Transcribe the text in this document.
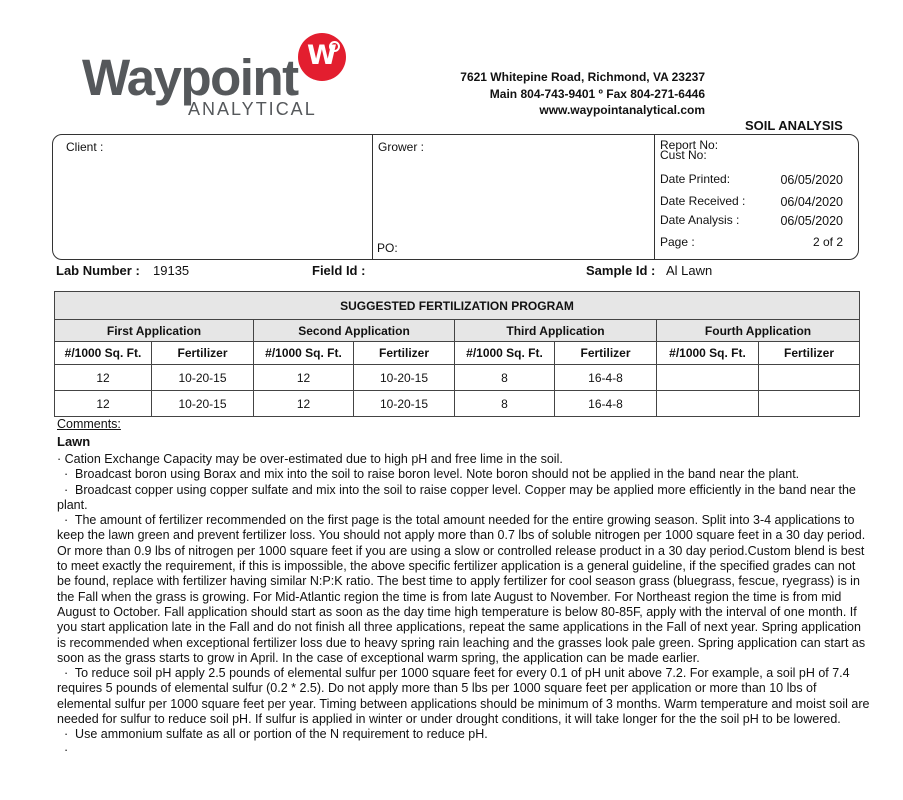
Waypoint
ANALYTICAL
W
7621 Whitepine Road, Richmond, VA 23237
Main 804-743-9401 º Fax 804-271-6446
www.waypointanalytical.com
SOIL ANALYSIS
Client :	Grower :
PO:
Report No:
Cust No:
Date Printed:	06/05/2020
Date Received :	06/04/2020
Date Analysis :	06/05/2020
Page :	2 of 2
Lab Number : 19135	Field Id :	Sample Id : Al Lawn
SUGGESTED FERTILIZATION PROGRAM							
First Application		Second Application		Third Application		Fourth Application	
#/1000 Sq. Ft.	Fertilizer	#/1000 Sq. Ft.	Fertilizer	#/1000 Sq. Ft.	Fertilizer	#/1000 Sq. Ft.	Fertilizer
12	10-20-15	12	10-20-15	8	16-4-8		
12	10-20-15	12	10-20-15	8	16-4-8		
Comments:
Lawn

· Cation Exchange Capacity may be over-estimated due to high pH and free lime in the soil.

·  Broadcast boron using Borax and mix into the soil to raise boron level. Note boron should not be applied in the band near the plant.

·  Broadcast copper using copper sulfate and mix into the soil to raise copper level. Copper may be applied more efficiently in the band near the plant.

·  The amount of fertilizer recommended on the first page is the total amount needed for the entire growing season. Split into 3-4 applications to keep the lawn green and prevent fertilizer loss. You should not apply more than 0.7 lbs of soluble nitrogen per 1000 square feet in a 30 day period. Or more than 0.9 lbs of nitrogen per 1000 square feet if you are using a slow or controlled release product in a 30 day period.Custom blend is best to meet exactly the requirement, if this is impossible, the above specific fertilizer application is a general guideline, if the specified grades can not be found, replace with fertilizer having similar N:P:K ratio. The best time to apply fertilizer for cool season grass (bluegrass, fescue, ryegrass) is in the Fall when the grass is growing. For Mid-Atlantic region the time is from late August to November. For Northeast region the time is from mid August to October. Fall application should start as soon as the day time high temperature is below 80-85F, apply with the interval of one month. If you start application late in the Fall and do not finish all three applications, repeat the same applications in the Fall of next year. Spring application is recommended when exceptional fertilizer loss due to heavy spring rain leaching and the grasses look pale green. Spring application can start as soon as the grass starts to grow in April. In the case of exceptional warm spring, the application can be made earlier.

·  To reduce soil pH apply 2.5 pounds of elemental sulfur per 1000 square feet for every 0.1 of pH unit above 7.2. For example, a soil pH of 7.4 requires 5 pounds of elemental sulfur (0.2 * 2.5). Do not apply more than 5 lbs per 1000 square feet per application or more than 10 lbs of elemental sulfur per 1000 square feet per year. Timing between applications should be minimum of 3 months. Warm temperature and moist soil are needed for sulfur to reduce soil pH. If sulfur is applied in winter or under drought conditions, it will take longer for the the soil pH to be lowered.

·  Use ammonium sulfate as all or portion of the N requirement to reduce pH.

·
